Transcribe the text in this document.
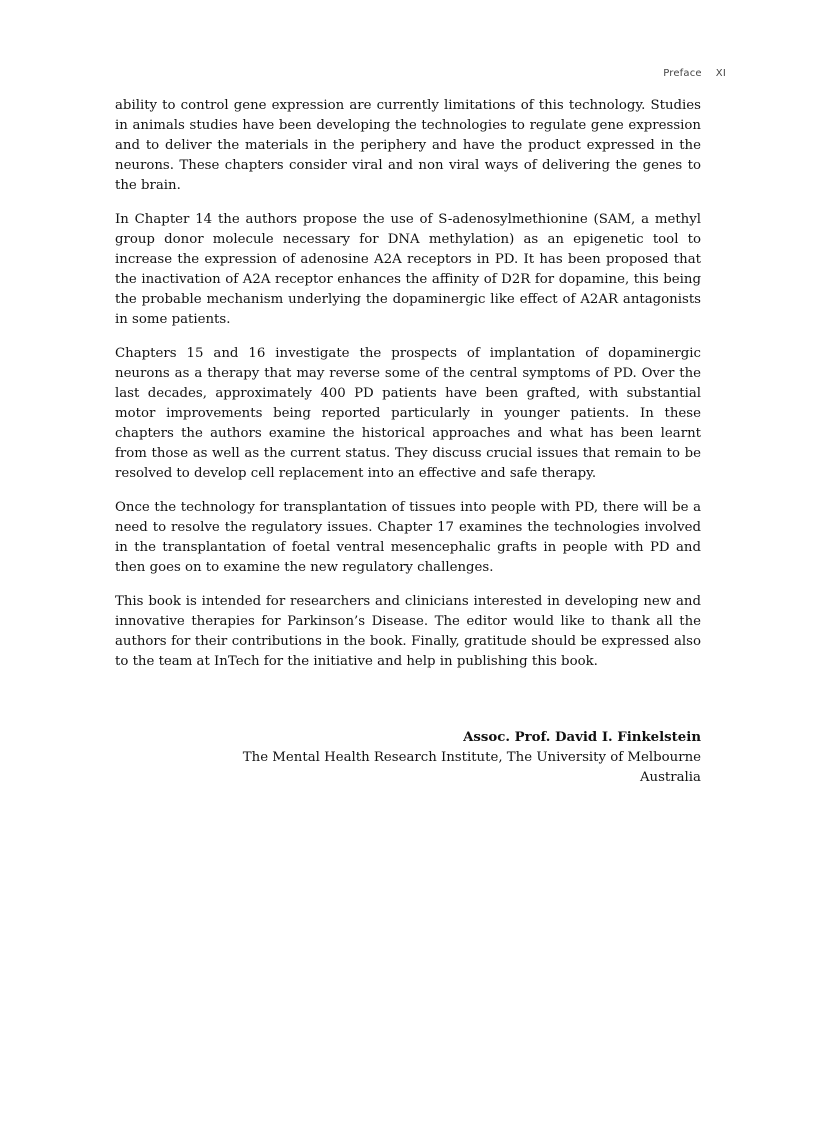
Preface XI

ability to control gene expression are currently limitations of this technology. Studies in animals studies have been developing the technologies to regulate gene expression and to deliver the materials in the periphery and have the product expressed in the neurons. These chapters consider viral and non viral ways of delivering the genes to the brain.

In Chapter 14 the authors propose the use of S-adenosylmethionine (SAM, a methyl group donor molecule necessary for DNA methylation) as an epigenetic tool to increase the expression of adenosine A2A receptors in PD. It has been proposed that the inactivation of A2A receptor enhances the affinity of D2R for dopamine, this being the probable mechanism underlying the dopaminergic like effect of A2AR antagonists in some patients.

Chapters 15 and 16 investigate the prospects of implantation of dopaminergic neurons as a therapy that may reverse some of the central symptoms of PD. Over the last decades, approximately 400 PD patients have been grafted, with substantial motor improvements being reported particularly in younger patients. In these chapters the authors examine the historical approaches and what has been learnt from those as well as the current status. They discuss crucial issues that remain to be resolved to develop cell replacement into an effective and safe therapy.

Once the technology for transplantation of tissues into people with PD, there will be a need to resolve the regulatory issues. Chapter 17 examines the technologies involved in the transplantation of foetal ventral mesencephalic grafts in people with PD and then goes on to examine the new regulatory challenges.

This book is intended for researchers and clinicians interested in developing new and innovative therapies for Parkinson’s Disease. The editor would like to thank all the authors for their contributions in the book. Finally, gratitude should be expressed also to the team at InTech for the initiative and help in publishing this book.

Assoc. Prof. David I. Finkelstein
The Mental Health Research Institute, The University of Melbourne
Australia
